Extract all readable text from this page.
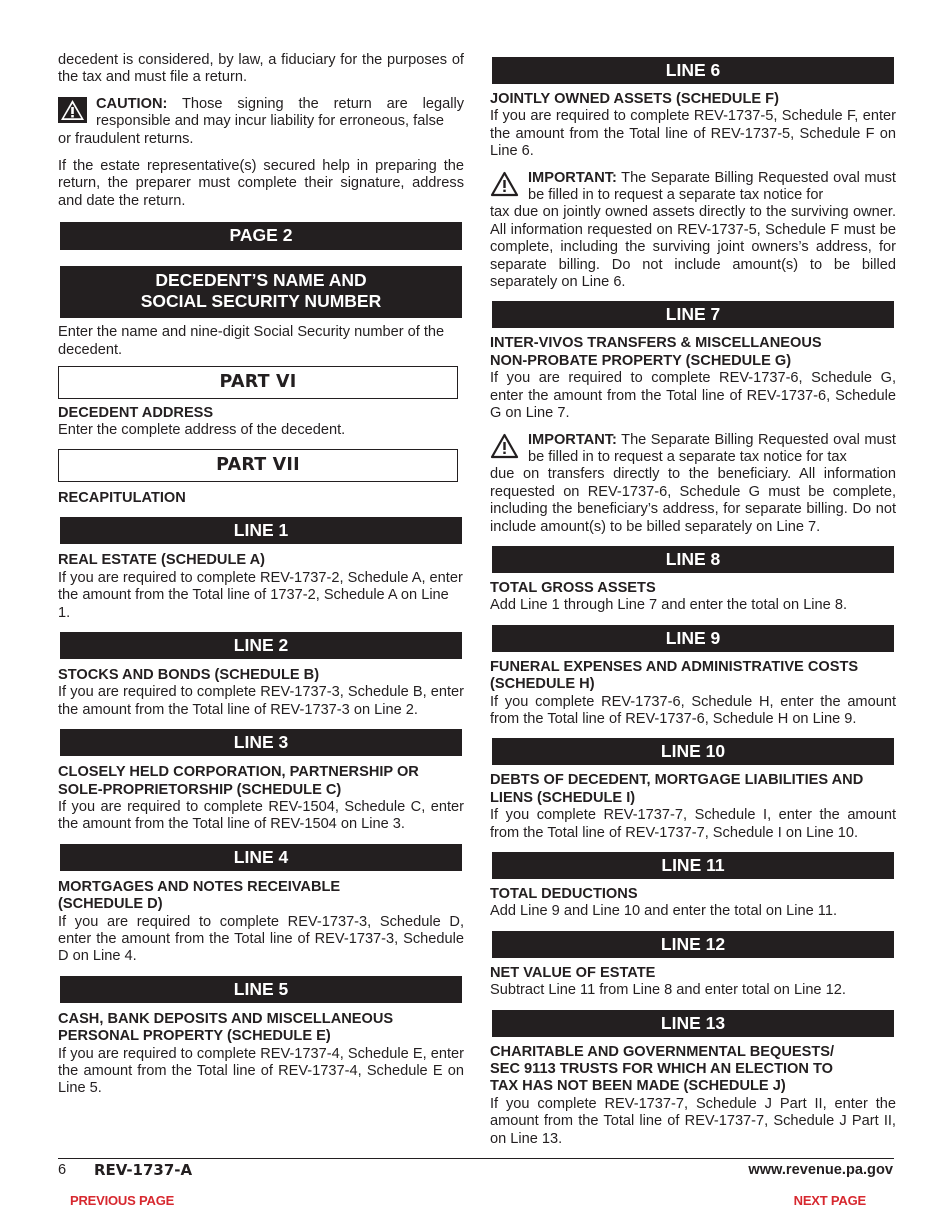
decedent is considered, by law, a fiduciary for the purposes of the tax and must file a return.

CAUTION: Those signing the return are legally responsible and may incur liability for erroneous, false

or fraudulent returns.

If the estate representative(s) secured help in preparing the return, the preparer must complete their signature, address and date the return.

PAGE 2
DECEDENT’S NAME AND
SOCIAL SECURITY NUMBER

Enter the name and nine-digit Social Security number of the decedent.

PART VI

DECEDENT ADDRESS

Enter the complete address of the decedent.

PART VII

RECAPITULATION

LINE 1

REAL ESTATE (SCHEDULE A)

If you are required to complete REV-1737-2, Schedule A, enter the amount from the Total line of 1737-2, Schedule A on Line 1.

LINE 2

STOCKS AND BONDS (SCHEDULE B)

If you are required to complete REV-1737-3, Schedule B, enter the amount from the Total line of REV-1737-3 on Line 2.

LINE 3

CLOSELY HELD CORPORATION, PARTNERSHIP OR

SOLE-PROPRIETORSHIP (SCHEDULE C)

If you are required to complete REV-1504, Schedule C, enter the amount from the Total line of REV-1504 on Line 3.

LINE 4

MORTGAGES AND NOTES RECEIVABLE

(SCHEDULE D)

If you are required to complete REV-1737-3, Schedule D, enter the amount from the Total line of REV-1737-3, Schedule D on Line 4.

LINE 5

CASH, BANK DEPOSITS AND MISCELLANEOUS

PERSONAL PROPERTY (SCHEDULE E)

If you are required to complete REV-1737-4, Schedule E, enter the amount from the Total line of REV-1737-4, Schedule E on Line 5.

LINE 6

JOINTLY OWNED ASSETS (SCHEDULE F)

If you are required to complete REV-1737-5, Schedule F, enter the amount from the Total line of REV-1737-5, Schedule F on Line 6.

IMPORTANT: The Separate Billing Requested oval must be filled in to request a separate tax notice for

tax due on jointly owned assets directly to the surviving owner. All information requested on REV-1737-5, Schedule F must be complete, including the surviving joint owners’s address, for separate billing. Do not include amount(s) to be billed separately on Line 6.

LINE 7

INTER-VIVOS TRANSFERS & MISCELLANEOUS

NON-PROBATE PROPERTY (SCHEDULE G)

If you are required to complete REV-1737-6, Schedule G, enter the amount from the Total line of REV-1737-6, Schedule G on Line 7.

IMPORTANT: The Separate Billing Requested oval must be filled in to request a separate tax notice for tax

due on transfers directly to the beneficiary. All information requested on REV-1737-6, Schedule G must be complete, including the beneficiary’s address, for separate billing. Do not include amount(s) to be billed separately on Line 7.

LINE 8

TOTAL GROSS ASSETS

Add Line 1 through Line 7 and enter the total on Line 8.

LINE 9

FUNERAL EXPENSES AND ADMINISTRATIVE COSTS

(SCHEDULE H)

If you complete REV-1737-6, Schedule H, enter the amount from the Total line of REV-1737-6, Schedule H on Line 9.

LINE 10

DEBTS OF DECEDENT, MORTGAGE LIABILITIES AND

LIENS (SCHEDULE I)

If you complete REV-1737-7, Schedule I, enter the amount from the Total line of REV-1737-7, Schedule I on Line 10.

LINE 11

TOTAL DEDUCTIONS

Add Line 9 and Line 10 and enter the total on Line 11.

LINE 12

NET VALUE OF ESTATE

Subtract Line 11 from Line 8 and enter total on Line 12.

LINE 13

CHARITABLE AND GOVERNMENTAL BEQUESTS/

SEC 9113 TRUSTS FOR WHICH AN ELECTION TO

TAX HAS NOT BEEN MADE (SCHEDULE J)

If you complete REV-1737-7, Schedule J Part II, enter the amount from the Total line of REV-1737-7, Schedule J Part II, on Line 13.

6 REV-1737-A	www.revenue.pa.gov
PREVIOUS PAGE	NEXT PAGE
